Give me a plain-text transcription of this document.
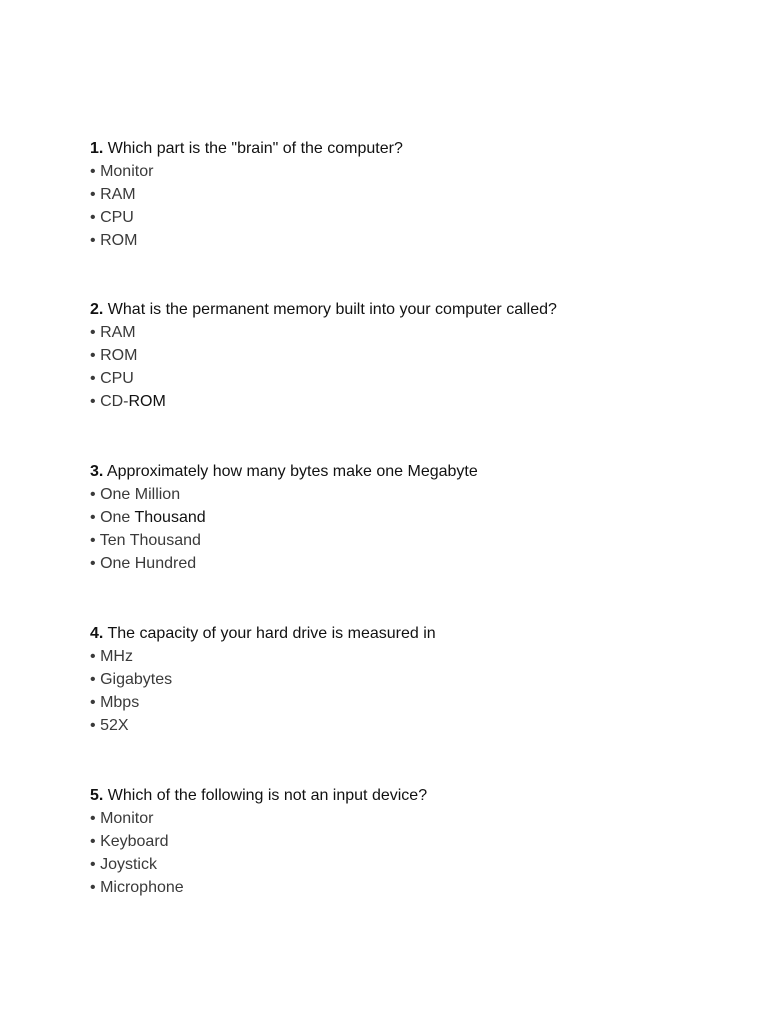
1. Which part is the "brain" of the computer?
• Monitor
• RAM
• CPU
• ROM
2. What is the permanent memory built into your computer called?
• RAM
• ROM
• CPU
• CD-ROM
3. Approximately how many bytes make one Megabyte
• One Million
• One Thousand
• Ten Thousand
• One Hundred
4. The capacity of your hard drive is measured in
• MHz
• Gigabytes
• Mbps
• 52X
5. Which of the following is not an input device?
• Monitor
• Keyboard
• Joystick
• Microphone
